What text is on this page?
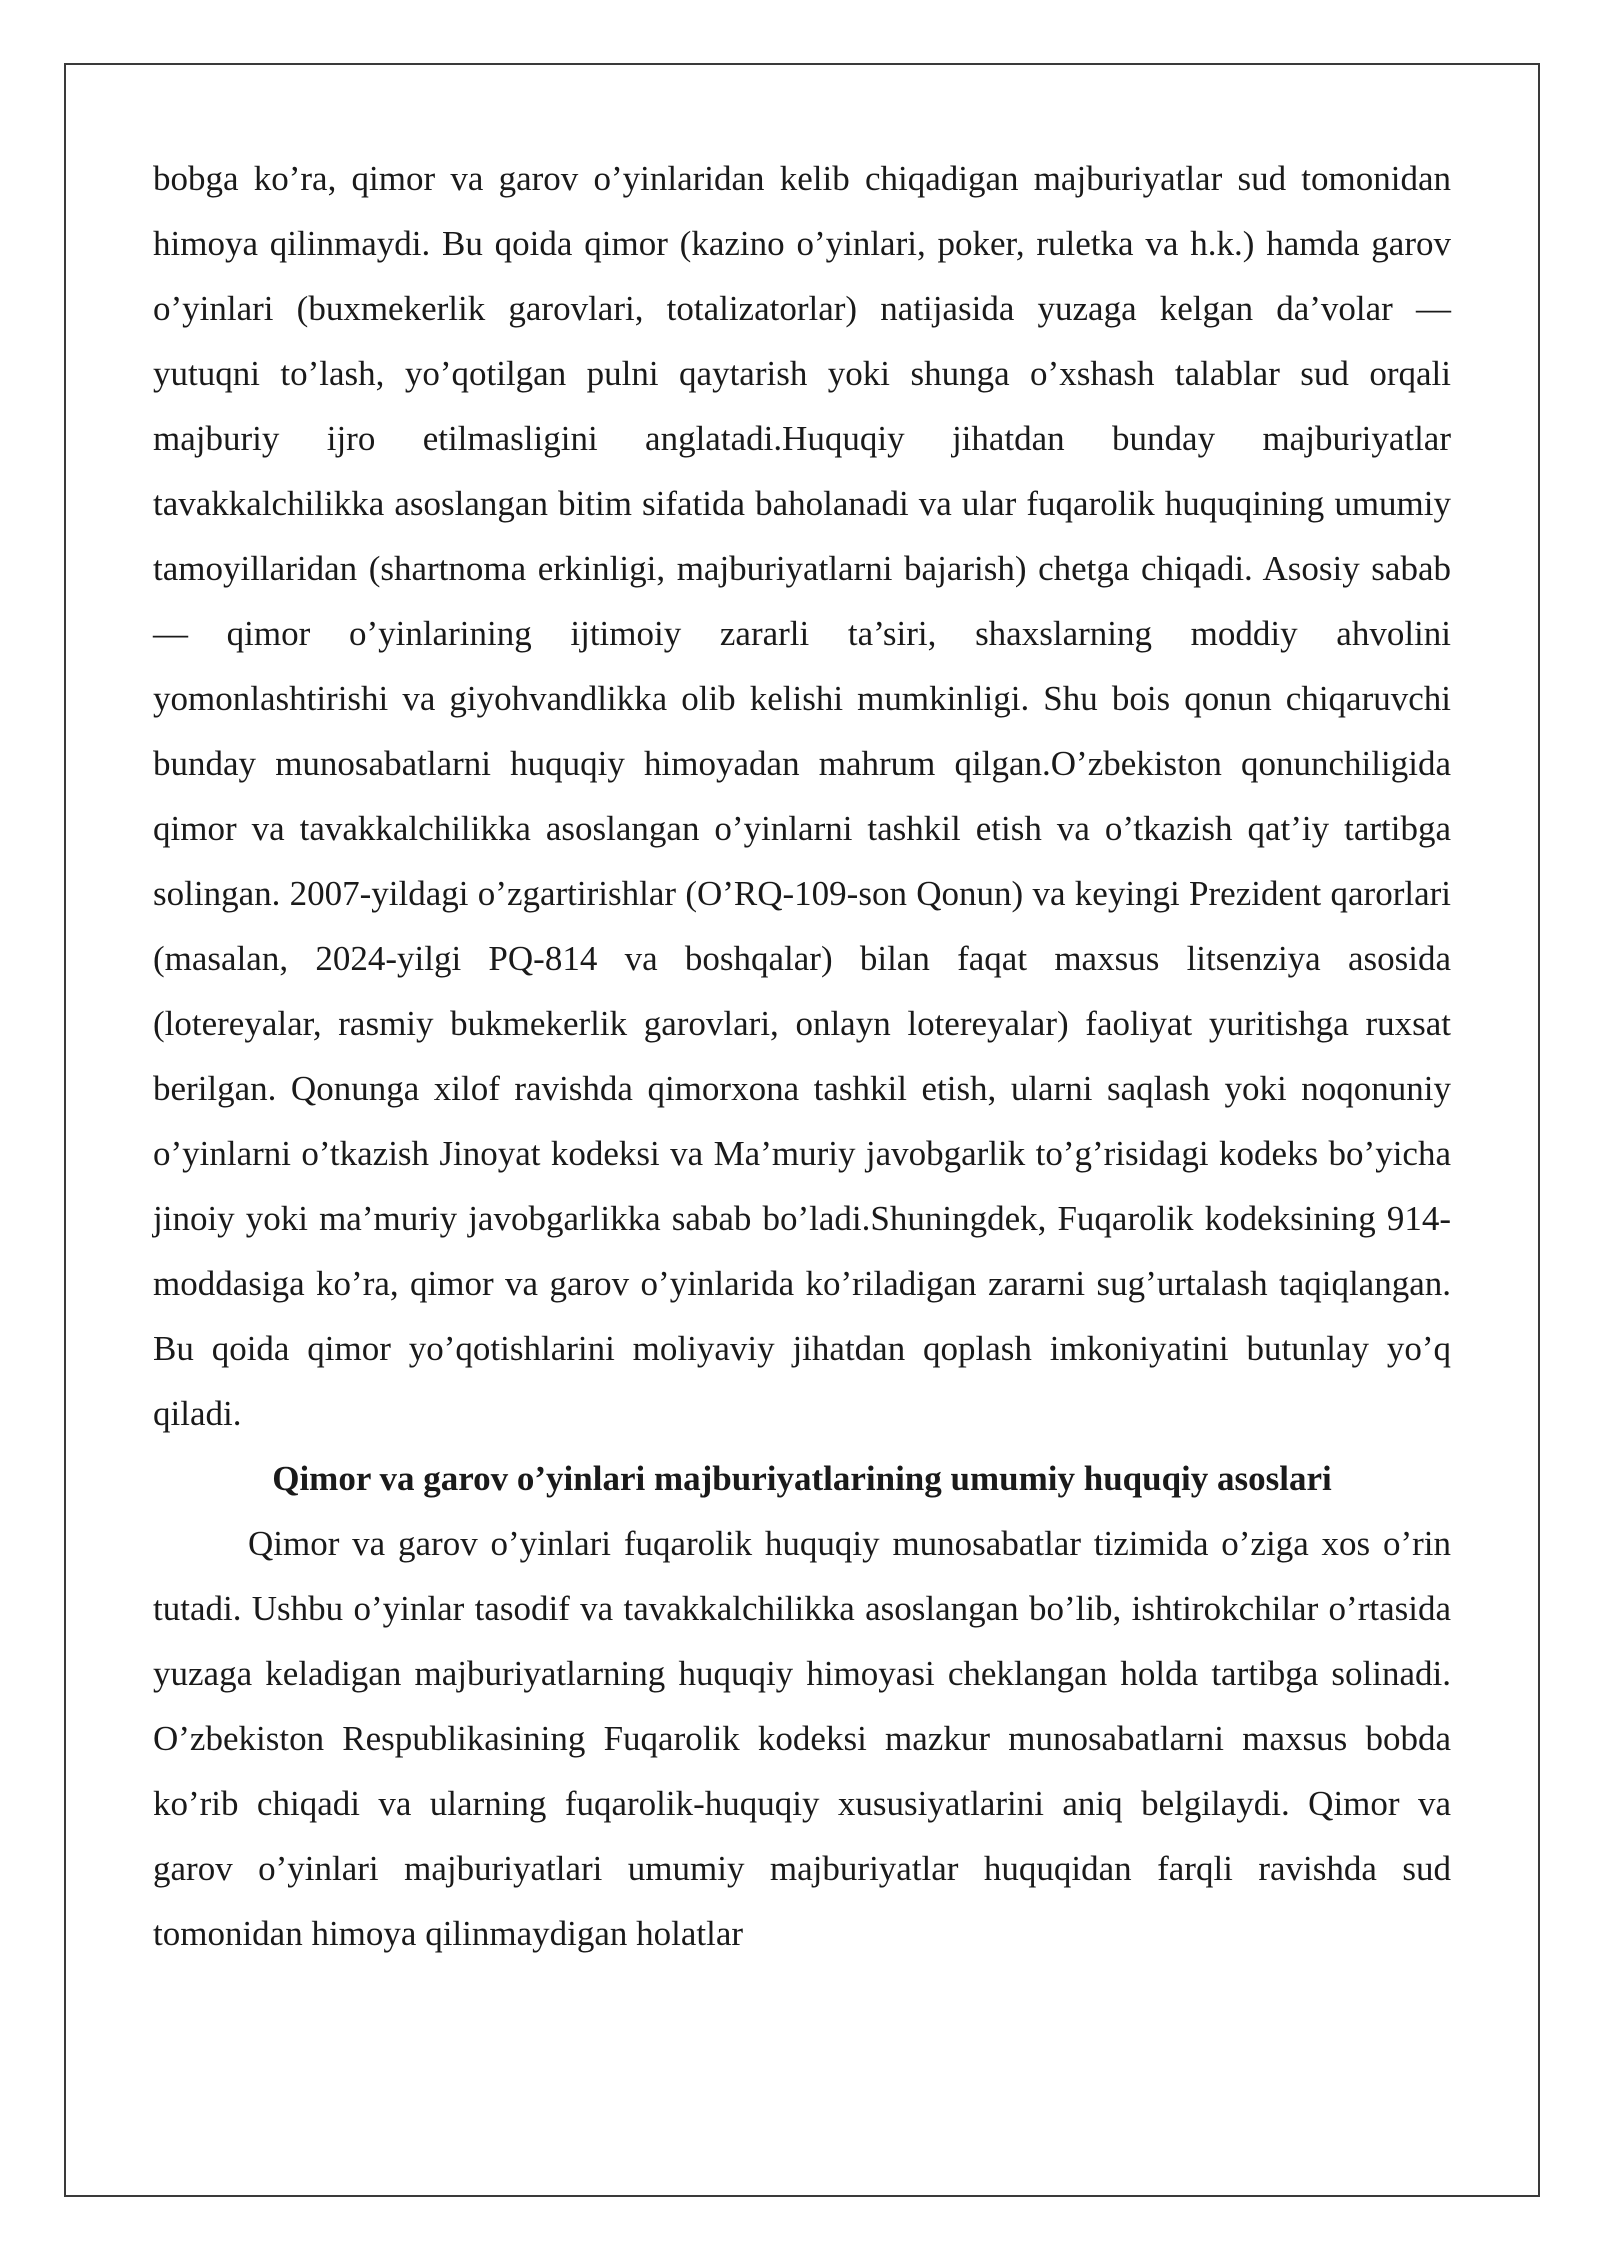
bobga ko’ra, qimor va garov o’yinlaridan kelib chiqadigan majburiyatlar sud tomonidan himoya qilinmaydi. Bu qoida qimor (kazino o’yinlari, poker, ruletka va h.k.) hamda garov o’yinlari (buxmekerlik garovlari, totalizatorlar) natijasida yuzaga kelgan da’volar — yutuqni to’lash, yo’qotilgan pulni qaytarish yoki shunga o’xshash talablar sud orqali majburiy ijro etilmasligini anglatadi.Huquqiy jihatdan bunday majburiyatlar tavakkalchilikka asoslangan bitim sifatida baholanadi va ular fuqarolik huquqining umumiy tamoyillaridan (shartnoma erkinligi, majburiyatlarni bajarish) chetga chiqadi. Asosiy sabab — qimor o’yinlarining ijtimoiy zararli ta’siri, shaxslarning moddiy ahvolini yomonlashtirishi va giyohvandlikka olib kelishi mumkinligi. Shu bois qonun chiqaruvchi bunday munosabatlarni huquqiy himoyadan mahrum qilgan.O’zbekiston qonunchiligida qimor va tavakkalchilikka asoslangan o’yinlarni tashkil etish va o’tkazish qat’iy tartibga solingan. 2007-yildagi o’zgartirishlar (O’RQ-109-son Qonun) va keyingi Prezident qarorlari (masalan, 2024-yilgi PQ-814 va boshqalar) bilan faqat maxsus litsenziya asosida (lotereyalar, rasmiy bukmekerlik garovlari, onlayn lotereyalar) faoliyat yuritishga ruxsat berilgan. Qonunga xilof ravishda qimorxona tashkil etish, ularni saqlash yoki noqonuniy o’yinlarni o’tkazish Jinoyat kodeksi va Ma’muriy javobgarlik to’g’risidagi kodeks bo’yicha jinoiy yoki ma’muriy javobgarlikka sabab bo’ladi.Shuningdek, Fuqarolik kodeksining 914-moddasiga ko’ra, qimor va garov o’yinlarida ko’riladigan zararni sug’urtalash taqiqlangan. Bu qoida qimor yo’qotishlarini moliyaviy jihatdan qoplash imkoniyatini butunlay yo’q qiladi.

Qimor va garov o’yinlari majburiyatlarining umumiy huquqiy asoslari

Qimor va garov o’yinlari fuqarolik huquqiy munosabatlar tizimida o’ziga xos o’rin tutadi. Ushbu o’yinlar tasodif va tavakkalchilikka asoslangan bo’lib, ishtirokchilar o’rtasida yuzaga keladigan majburiyatlarning huquqiy himoyasi cheklangan holda tartibga solinadi. O’zbekiston Respublikasining Fuqarolik kodeksi mazkur munosabatlarni maxsus bobda ko’rib chiqadi va ularning fuqarolik-huquqiy xususiyatlarini aniq belgilaydi. Qimor va garov o’yinlari majburiyatlari umumiy majburiyatlar huquqidan farqli ravishda sud tomonidan himoya qilinmaydigan holatlar
